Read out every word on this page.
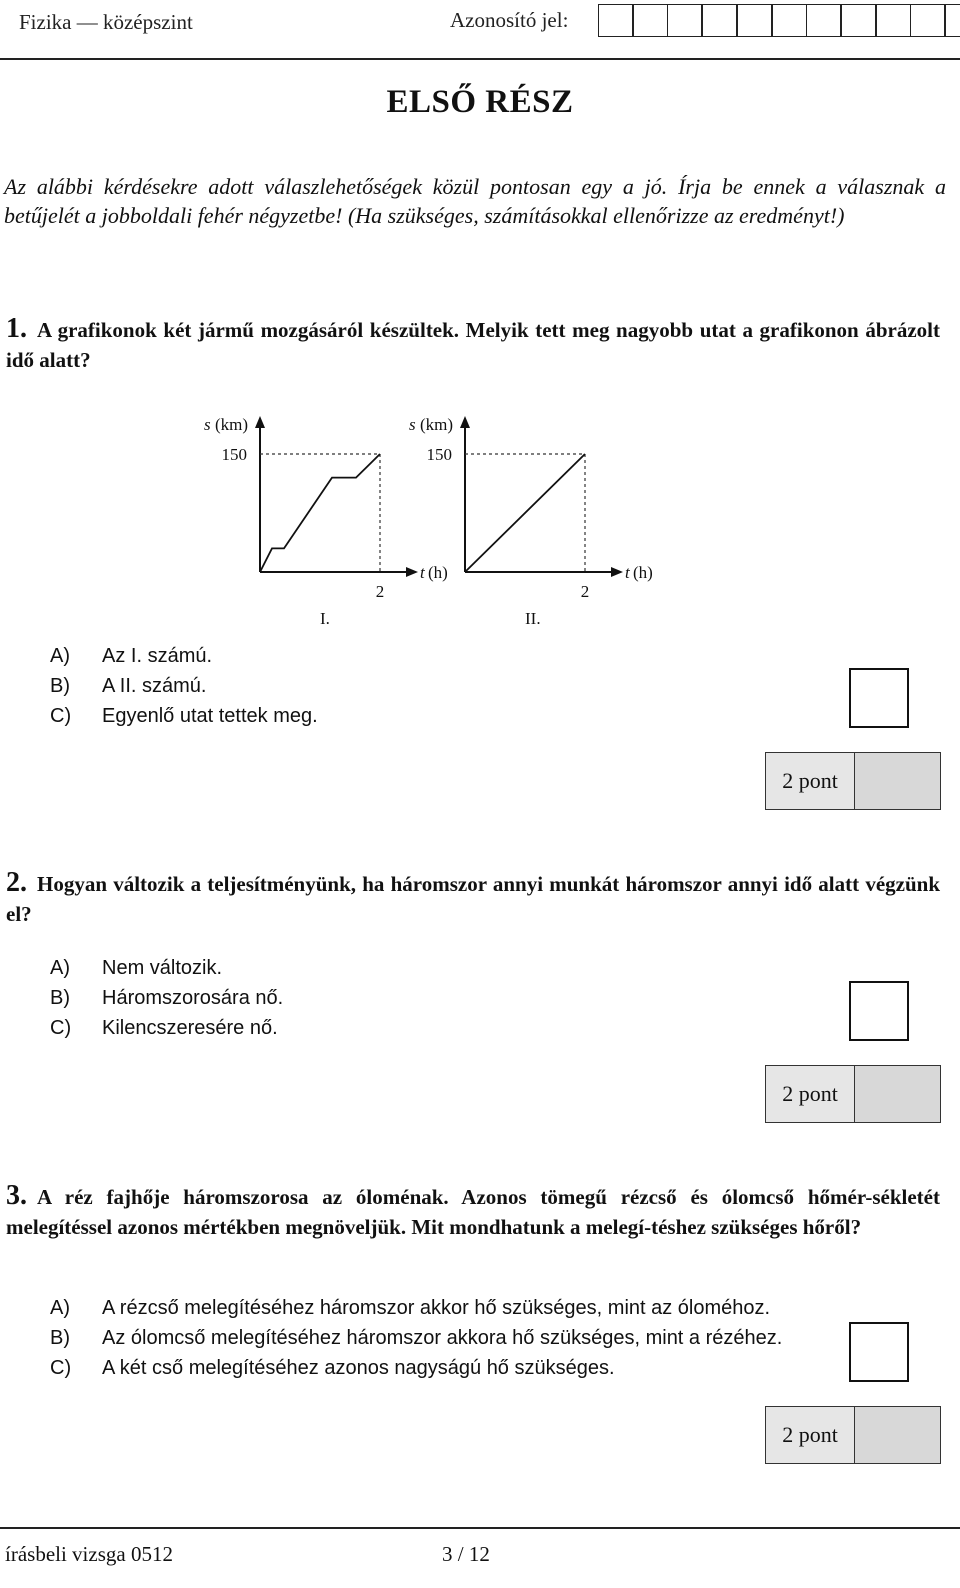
Fizika — középszint	Azonosító jel:
ELSŐ RÉSZ
Az alábbi kérdésekre adott válaszlehetőségek közül pontosan egy a jó. Írja be ennek a válasznak a betűjelét a jobboldali fehér négyzetbe! (Ha szükséges, számításokkal ellenőrizze az eredményt!)
1. A grafikonok két jármű mozgásáról készültek. Melyik tett meg nagyobb utat a grafikonon ábrázolt idő alatt?
s (km)
150
t (h)
2
I.
s (km)
150
t (h)
2
II.
A) Az I. számú.
B) A II. számú.
C) Egyenlő utat tettek meg.
2 pont
2. Hogyan változik a teljesítményünk, ha háromszor annyi munkát háromszor annyi idő alatt végzünk el?
A) Nem változik.
B) Háromszorosára nő.
C) Kilencszeresére nő.
2 pont
3. A réz fajhője háromszorosa az óloménak. Azonos tömegű rézcső és ólomcső hőmér-sékletét melegítéssel azonos mértékben megnöveljük. Mit mondhatunk a melegí-téshez szükséges hőről?
A) A rézcső melegítéséhez háromszor akkor hő szükséges, mint az óloméhoz.
B) Az ólomcső melegítéséhez háromszor akkora hő szükséges, mint a rézéhez.
C) A két cső melegítéséhez azonos nagyságú hő szükséges.
2 pont
írásbeli vizsga 0512	3 / 12
